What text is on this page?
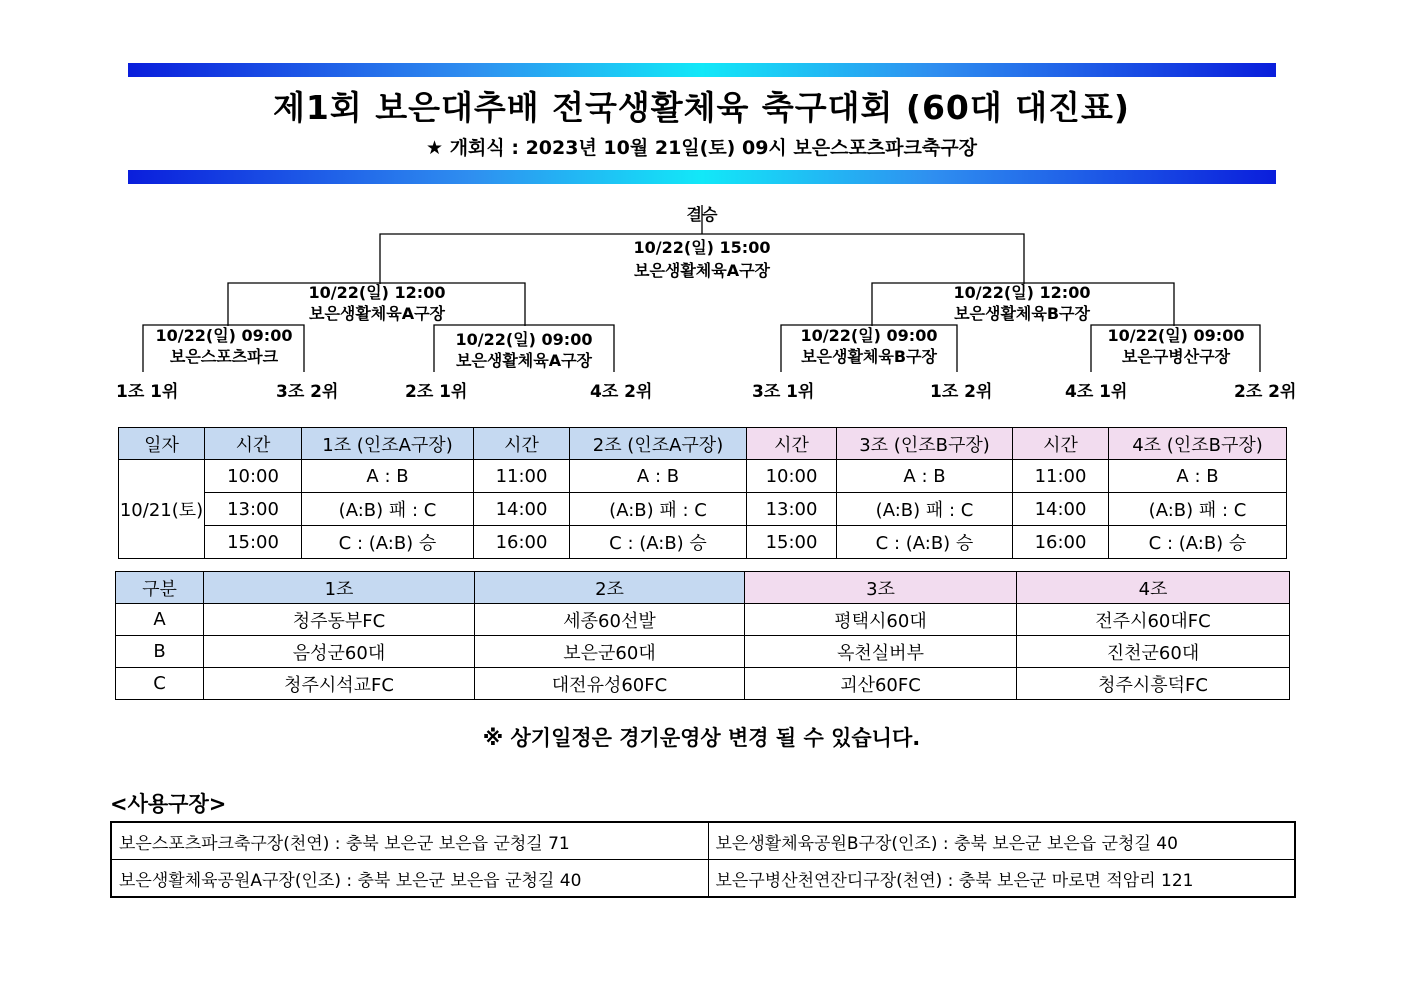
제1회 보은대추배 전국생활체육 축구대회 (60대 대진표)
★ 개회식 : 2023년 10월 21일(토) 09시 보은스포츠파크축구장
결승
10/22(일) 15:00
보은생활체육A구장
10/22(일) 12:00
보은생활체육A구장
10/22(일) 12:00
보은생활체육B구장
10/22(일) 09:00
보은스포츠파크
10/22(일) 09:00
보은생활체육A구장
10/22(일) 09:00
보은생활체육B구장
10/22(일) 09:00
보은구병산구장
1조 1위	3조 2위	2조 1위	4조 2위	3조 1위	1조 2위	4조 1위	2조 2위
일자	시간	1조 (인조A구장)	시간	2조 (인조A구장)	시간	3조 (인조B구장)	시간	4조 (인조B구장)
10/21(토)	10:00	A : B	11:00	A : B	10:00	A : B	11:00	A : B
	13:00	(A:B) 패 : C	14:00	(A:B) 패 : C	13:00	(A:B) 패 : C	14:00	(A:B) 패 : C
	15:00	C : (A:B) 승	16:00	C : (A:B) 승	15:00	C : (A:B) 승	16:00	C : (A:B) 승
구분	1조	2조	3조	4조
A	청주동부FC	세종60선발	평택시60대	전주시60대FC
B	음성군60대	보은군60대	옥천실버부	진천군60대
C	청주시석교FC	대전유성60FC	괴산60FC	청주시흥덕FC
※ 상기일정은 경기운영상 변경 될 수 있습니다.
<사용구장>
보은스포츠파크축구장(천연) : 충북 보은군 보은읍 군청길 71	보은생활체육공원B구장(인조) : 충북 보은군 보은읍 군청길 40
보은생활체육공원A구장(인조) : 충북 보은군 보은읍 군청길 40	보은구병산천연잔디구장(천연) : 충북 보은군 마로면 적암리 121
